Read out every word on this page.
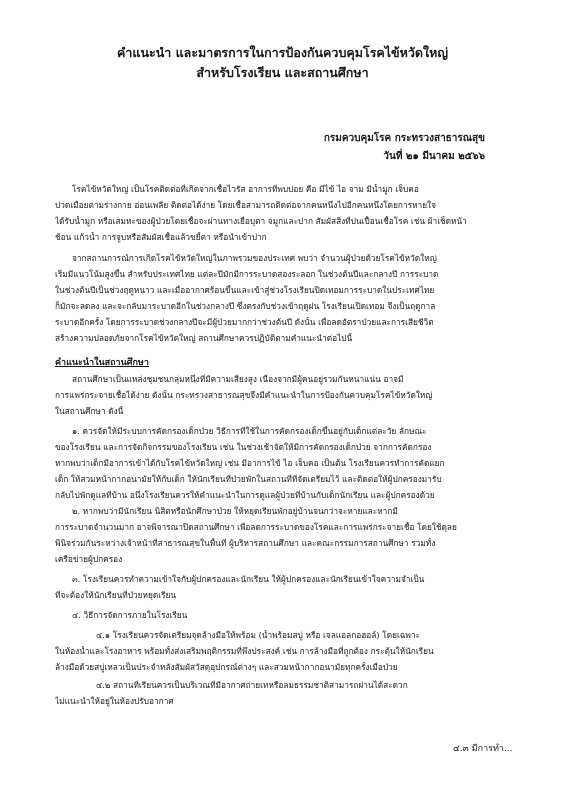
คำแนะนำ และมาตรการในการป้องกันควบคุมโรคไข้หวัดใหญ่
สำหรับโรงเรียน และสถานศึกษา
กรมควบคุมโรค กระทรวงสาธารณสุข
วันที่ ๒๑ มีนาคม ๒๕๖๖
โรคไข้หวัดใหญ่ เป็นโรคติดต่อที่เกิดจากเชื้อไวรัส อาการที่พบบ่อย คือ มีไข้ ไอ จาม มีน้ำมูก เจ็บคอ
ปวดเมื่อยตามร่างกาย อ่อนเพลีย ติดต่อได้ง่าย โดยเชื้อสามารถติดต่อจากคนหนึ่งไปอีกคนหนึ่งโดยการหายใจ
ได้รับน้ำมูก หรือเสมหะของผู้ป่วยโดยเชื้อจะผ่านทางเยื่อบุตา จมูกและปาก สัมผัสสิ่งที่ปนเปื้อนเชื้อโรค เช่น ผ้าเช็ดหน้า
ช้อน แก้วน้ำ การจูบหรือสัมผัสเชื้อแล้วขยี้ตา หรือนำเข้าปาก
จากสถานการณ์การเกิดโรคไข้หวัดใหญ่ในภาพรวมของประเทศ พบว่า จำนวนผู้ป่วยด้วยโรคไข้หวัดใหญ่
เริ่มมีแนวโน้มสูงขึ้น สำหรับประเทศไทย แต่ละปีมักมีการระบาดสองระลอก ในช่วงต้นปีและกลางปี การระบาด
ในช่วงต้นปีเป็นช่วงฤดูหนาว และเมื่ออากาศร้อนขึ้นและเข้าสู่ช่วงโรงเรียนปิดเทอมการระบาดในประเทศไทย
ก็มักจะลดลง และจะกลับมาระบาดอีกในช่วงกลางปี ซึ่งตรงกับช่วงเข้าฤดูฝน โรงเรียนเปิดเทอม จึงเป็นฤดูกาล
ระบาดอีกครั้ง โดยการระบาดช่วงกลางปีจะมีผู้ป่วยมากกว่าช่วงต้นปี ดังนั้น เพื่อลดอัตราป่วยและการเสียชีวิต
สร้างความปลอดภัยจากโรคไข้หวัดใหญ่ สถานศึกษาควรปฏิบัติตามคำแนะนำต่อไปนี้
คำแนะนำในสถานศึกษา
สถานศึกษาเป็นแหล่งชุมชนกลุ่มหนึ่งที่มีความเสี่ยงสูง เนื่องจากมีผู้คนอยู่รวมกันหนาแน่น อาจมี
การแพร่กระจายเชื้อได้ง่าย ดังนั้น กระทรวงสาธารณสุขจึงมีคำแนะนำในการป้องกันควบคุมโรคไข้หวัดใหญ่
ในสถานศึกษา ดังนี้
๑. ควรจัดให้มีระบบการคัดกรองเด็กป่วย วิธีการที่ใช้ในการคัดกรองเด็กขึ้นอยู่กับเด็กแต่ละวัย ลักษณะ
ของโรงเรียน และการจัดกิจกรรมของโรงเรียน เช่น ในช่วงเช้าจัดให้มีการคัดกรองเด็กป่วย จากการคัดกรอง
หากพบว่าเด็กมีอาการเข้าได้กับโรคไข้หวัดใหญ่ เช่น มีอาการไข้ ไอ เจ็บคอ เป็นต้น โรงเรียนควรทำการคัดแยก
เด็ก ให้สวมหน้ากากอนามัยให้กับเด็ก ให้นักเรียนที่ป่วยพักในสถานที่ที่จัดเตรียมไว้ และติดต่อให้ผู้ปกครองมารับ
กลับไปพักดูแลที่บ้าน อนึ่งโรงเรียนควรให้คำแนะนำในการดูแลผู้ป่วยที่บ้านกับเด็กนักเรียน และผู้ปกครองด้วย
๒. หากพบว่ามีนักเรียน นิสิตหรือนักศึกษาป่วย ให้หยุดเรียนพักอยู่บ้านจนกว่าจะหายและหากมี
การระบาดจำนวนมาก อาจพิจารณาปิดสถานศึกษา เพื่อลดการระบาดของโรคและการแพร่กระจายเชื้อ โดยใช้ดุลย
พินิจร่วมกันระหว่างเจ้าหน้าที่สาธารณสุขในพื้นที่ ผู้บริหารสถานศึกษา และคณะกรรมการสถานศึกษา รวมทั้ง
เครือข่ายผู้ปกครอง
๓. โรงเรียนควรทำความเข้าใจกับผู้ปกครองและนักเรียน ให้ผู้ปกครองและนักเรียนเข้าใจความจำเป็น
ที่จะต้องให้นักเรียนที่ป่วยหยุดเรียน
๔. วิธีการจัดการภายในโรงเรียน
๔.๑ โรงเรียนควรจัดเตรียมจุดล้างมือให้พร้อม (น้ำพร้อมสบู่ หรือ เจลแอลกอฮอล์) โดยเฉพาะ
ในห้องน้ำและโรงอาหาร พร้อมทั้งส่งเสริมพฤติกรรมที่พึงประสงค์ เช่น การล้างมือที่ถูกต้อง กระตุ้นให้นักเรียน
ล้างมือด้วยสบู่เหลวเป็นประจำหลังสัมผัสวัสดุอุปกรณ์ต่างๆ และสวมหน้ากากอนามัยทุกครั้งเมื่อป่วย
๔.๒ สถานที่เรียนควรเป็นบริเวณที่มีอากาศถ่ายเทหรือลมธรรมชาติสามารถผ่านได้สะดวก
ไม่แนะนำให้อยู่ในห้องปรับอากาศ
๔.๓ มีการทำ...
